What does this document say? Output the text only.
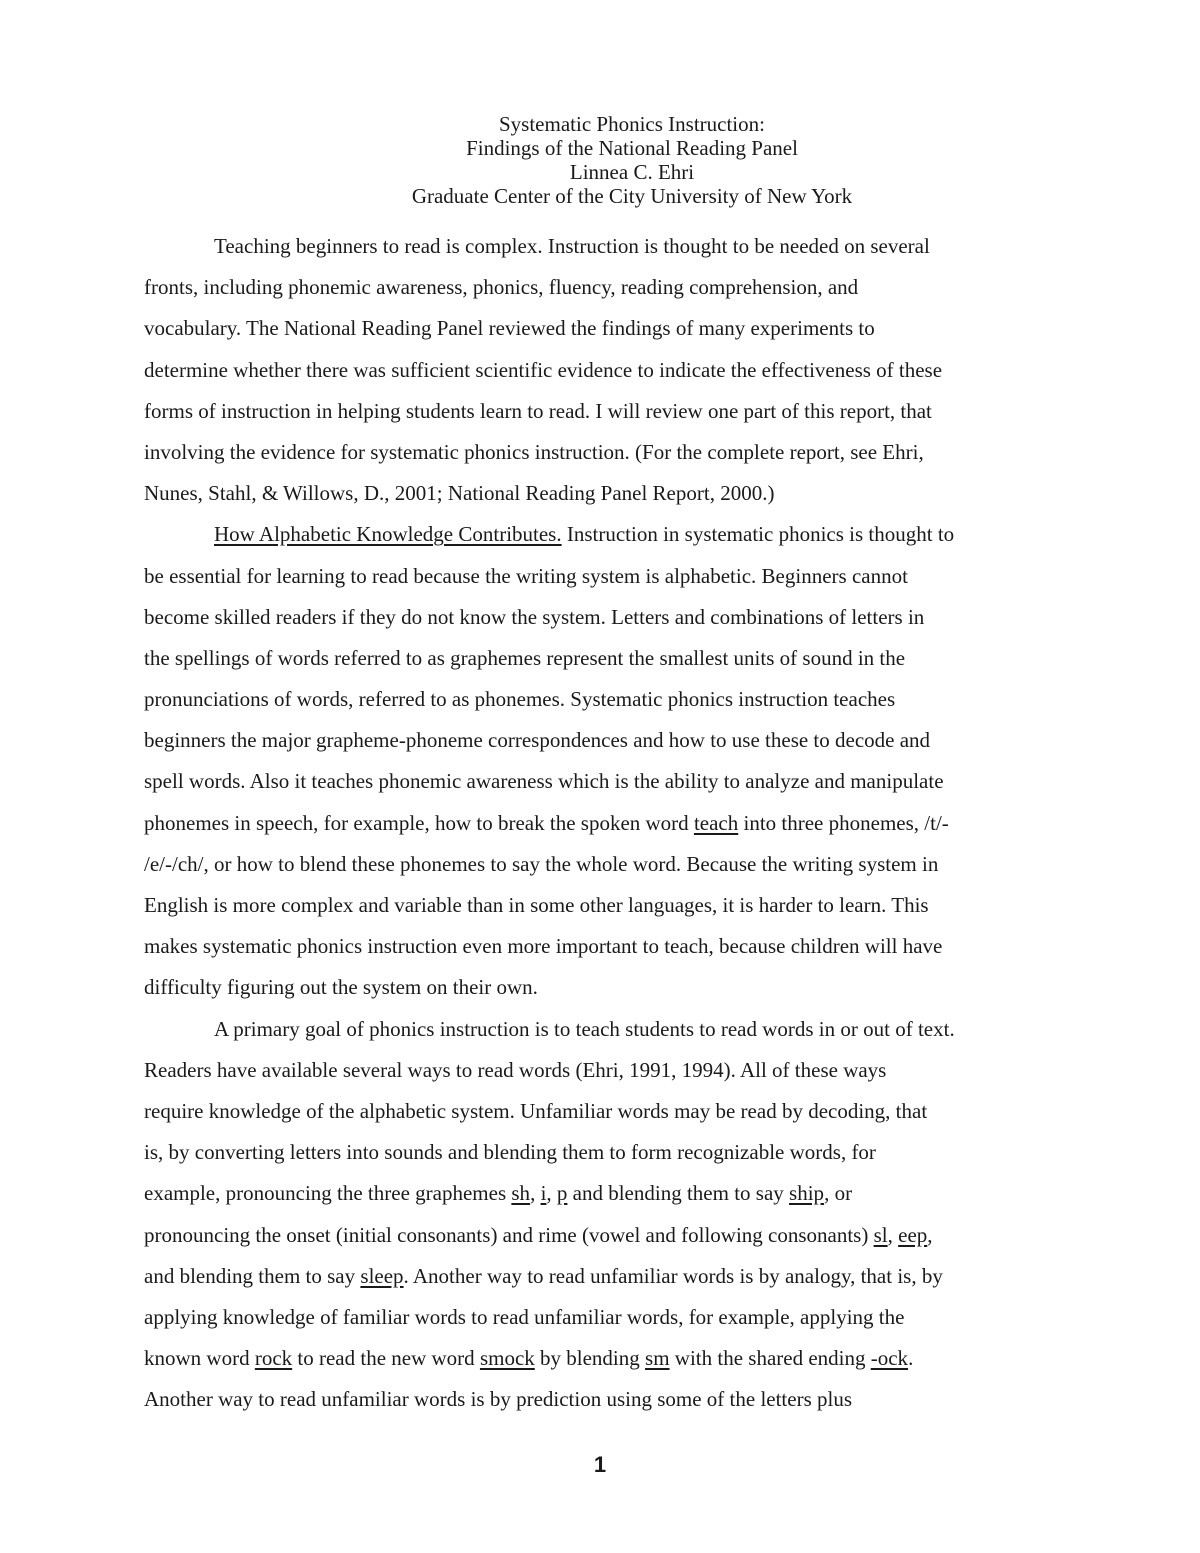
Systematic Phonics Instruction:
Findings of the National Reading Panel
Linnea C. Ehri
Graduate Center of the City University of New York
Teaching beginners to read is complex. Instruction is thought to be needed on several
fronts, including phonemic awareness, phonics, fluency, reading comprehension, and
vocabulary. The National Reading Panel reviewed the findings of many experiments to
determine whether there was sufficient scientific evidence to indicate the effectiveness of these
forms of instruction in helping students learn to read. I will review one part of this report, that
involving the evidence for systematic phonics instruction. (For the complete report, see Ehri,
Nunes, Stahl, & Willows, D., 2001; National Reading Panel Report, 2000.)
How Alphabetic Knowledge Contributes. Instruction in systematic phonics is thought to
be essential for learning to read because the writing system is alphabetic. Beginners cannot
become skilled readers if they do not know the system. Letters and combinations of letters in
the spellings of words referred to as graphemes represent the smallest units of sound in the
pronunciations of words, referred to as phonemes. Systematic phonics instruction teaches
beginners the major grapheme-phoneme correspondences and how to use these to decode and
spell words. Also it teaches phonemic awareness which is the ability to analyze and manipulate
phonemes in speech, for example, how to break the spoken word teach into three phonemes, /t/-
/e/-/ch/, or how to blend these phonemes to say the whole word. Because the writing system in
English is more complex and variable than in some other languages, it is harder to learn. This
makes systematic phonics instruction even more important to teach, because children will have
difficulty figuring out the system on their own.
A primary goal of phonics instruction is to teach students to read words in or out of text.
Readers have available several ways to read words (Ehri, 1991, 1994). All of these ways
require knowledge of the alphabetic system. Unfamiliar words may be read by decoding, that
is, by converting letters into sounds and blending them to form recognizable words, for
example, pronouncing the three graphemes sh, i, p and blending them to say ship, or
pronouncing the onset (initial consonants) and rime (vowel and following consonants) sl, eep,
and blending them to say sleep. Another way to read unfamiliar words is by analogy, that is, by
applying knowledge of familiar words to read unfamiliar words, for example, applying the
known word rock to read the new word smock by blending sm with the shared ending -ock.
Another way to read unfamiliar words is by prediction using some of the letters plus
1
